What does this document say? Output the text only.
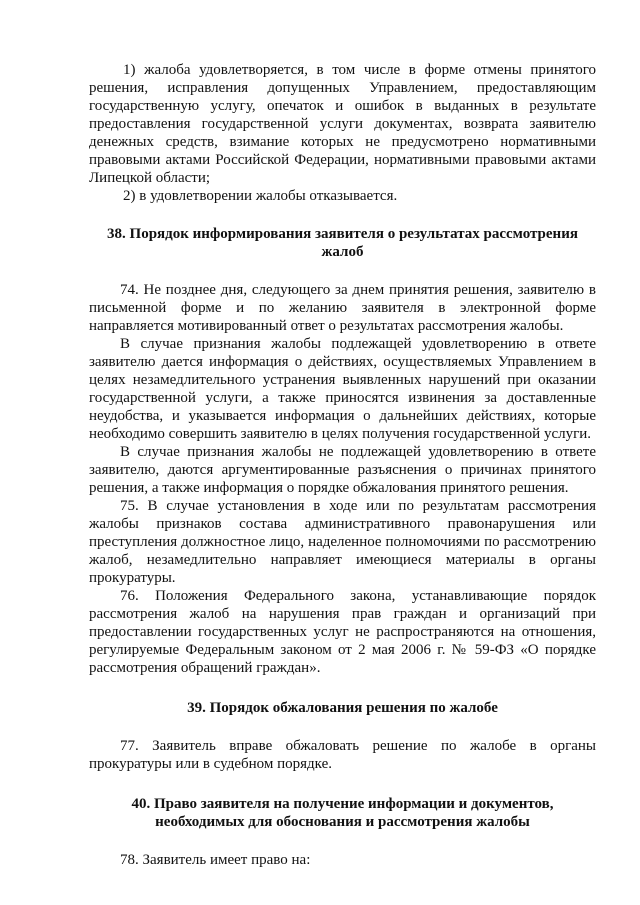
1) жалоба удовлетворяется, в том числе в форме отмены принятого решения, исправления допущенных Управлением, предоставляющим государственную услугу, опечаток и ошибок в выданных в результате предоставления государственной услуги документах, возврата заявителю денежных средств, взимание которых не предусмотрено нормативными правовыми актами Российской Федерации, нормативными правовыми актами Липецкой области;

2) в удовлетворении жалобы отказывается.

38. Порядок информирования заявителя о результатах рассмотрения жалоб

74. Не позднее дня, следующего за днем принятия решения, заявителю в письменной форме и по желанию заявителя в электронной форме направляется мотивированный ответ о результатах рассмотрения жалобы.

В случае признания жалобы подлежащей удовлетворению в ответе заявителю дается информация о действиях, осуществляемых Управлением в целях незамедлительного устранения выявленных нарушений при оказании государственной услуги, а также приносятся извинения за доставленные неудобства, и указывается информация о дальнейших действиях, которые необходимо совершить заявителю в целях получения государственной услуги.

В случае признания жалобы не подлежащей удовлетворению в ответе заявителю, даются аргументированные разъяснения о причинах принятого решения, а также информация о порядке обжалования принятого решения.

75. В случае установления в ходе или по результатам рассмотрения жалобы признаков состава административного правонарушения или преступления должностное лицо, наделенное полномочиями по рассмотрению жалоб, незамедлительно направляет имеющиеся материалы в органы прокуратуры.

76. Положения Федерального закона, устанавливающие порядок рассмотрения жалоб на нарушения прав граждан и организаций при предоставлении государственных услуг не распространяются на отношения, регулируемые Федеральным законом от 2 мая 2006 г. № 59-ФЗ «О порядке рассмотрения обращений граждан».

39. Порядок обжалования решения по жалобе

77. Заявитель вправе обжаловать решение по жалобе в органы прокуратуры или в судебном порядке.

40. Право заявителя на получение информации и документов, необходимых для обоснования и рассмотрения жалобы

78. Заявитель имеет право на:
